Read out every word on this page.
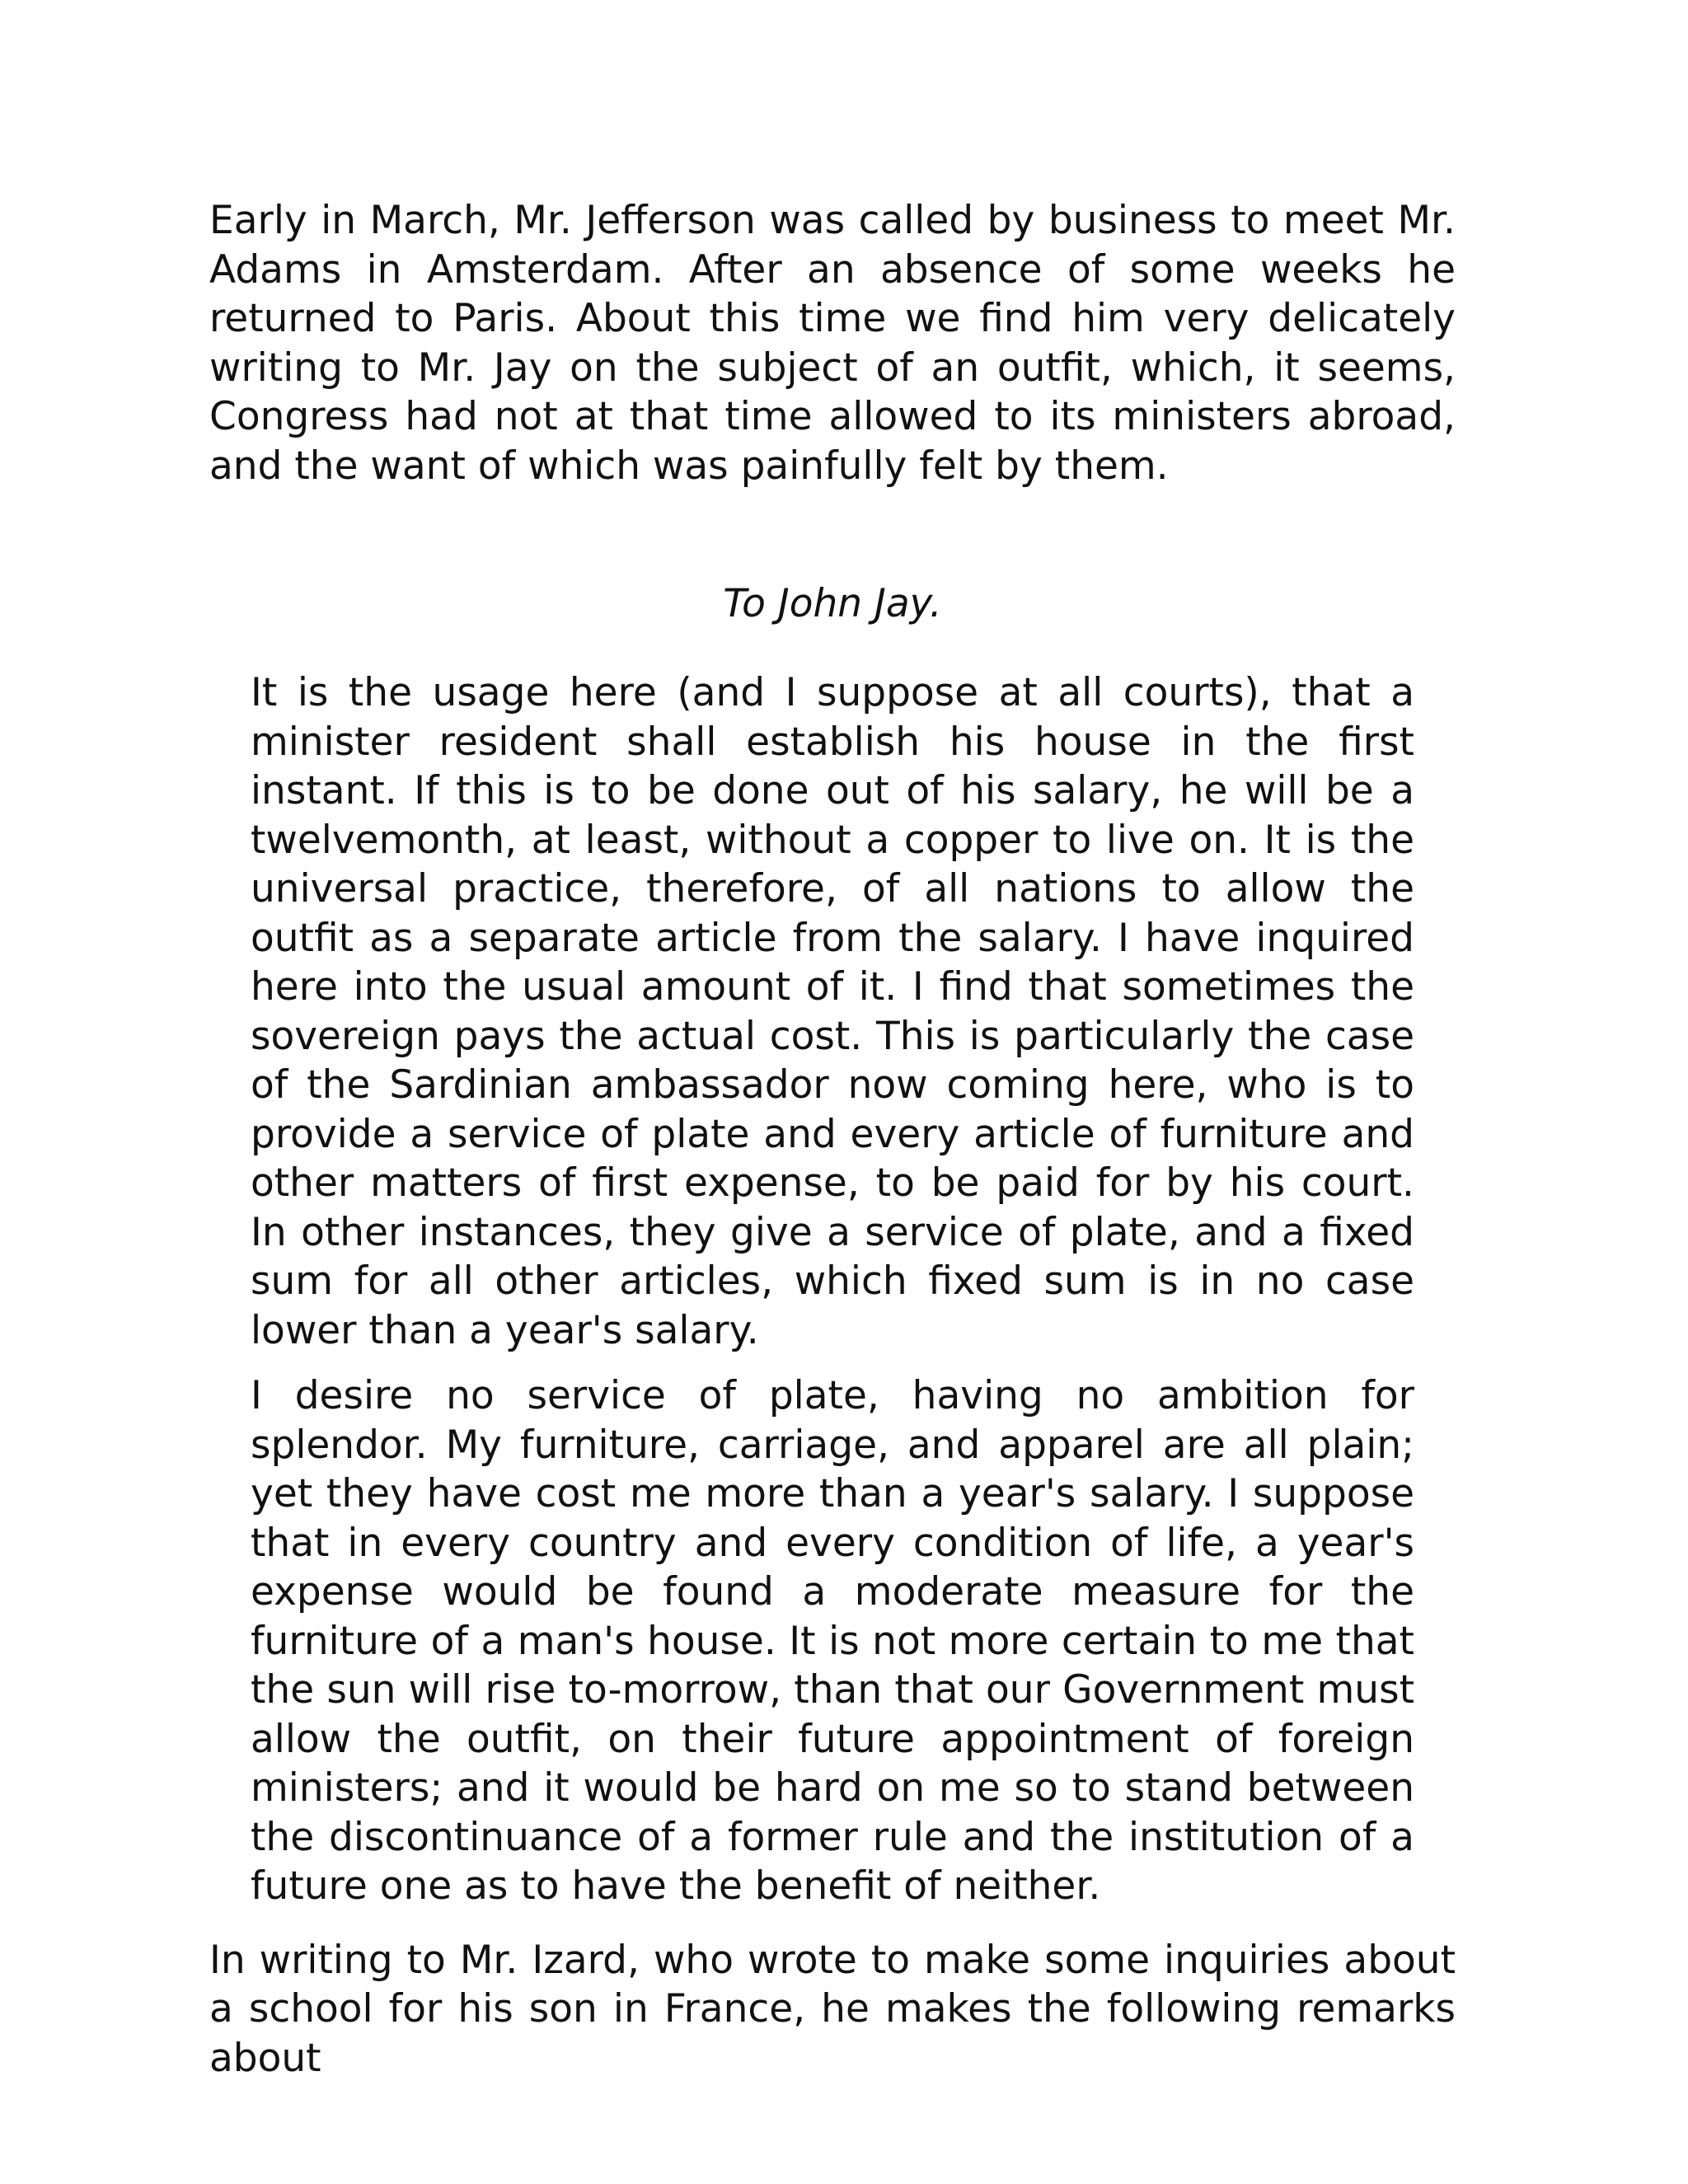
Early in March, Mr. Jefferson was called by business to meet Mr. Adams in Amsterdam. After an absence of some weeks he returned to Paris. About this time we find him very delicately writing to Mr. Jay on the subject of an outfit, which, it seems, Congress had not at that time allowed to its ministers abroad, and the want of which was painfully felt by them.

To John Jay.

It is the usage here (and I suppose at all courts), that a minister resident shall establish his house in the first instant. If this is to be done out of his salary, he will be a twelvemonth, at least, without a copper to live on. It is the universal practice, therefore, of all nations to allow the outfit as a separate article from the salary. I have inquired here into the usual amount of it. I find that sometimes the sovereign pays the actual cost. This is particularly the case of the Sardinian ambassador now coming here, who is to provide a service of plate and every article of furniture and other matters of first expense, to be paid for by his court. In other instances, they give a service of plate, and a fixed sum for all other articles, which fixed sum is in no case lower than a year's salary.

I desire no service of plate, having no ambition for splendor. My furniture, carriage, and apparel are all plain; yet they have cost me more than a year's salary. I suppose that in every country and every condition of life, a year's expense would be found a moderate measure for the furniture of a man's house. It is not more certain to me that the sun will rise to-morrow, than that our Government must allow the outfit, on their future appointment of foreign ministers; and it would be hard on me so to stand between the discontinuance of a former rule and the institution of a future one as to have the benefit of neither.

In writing to Mr. Izard, who wrote to make some inquiries about a school for his son in France, he makes the following remarks about
